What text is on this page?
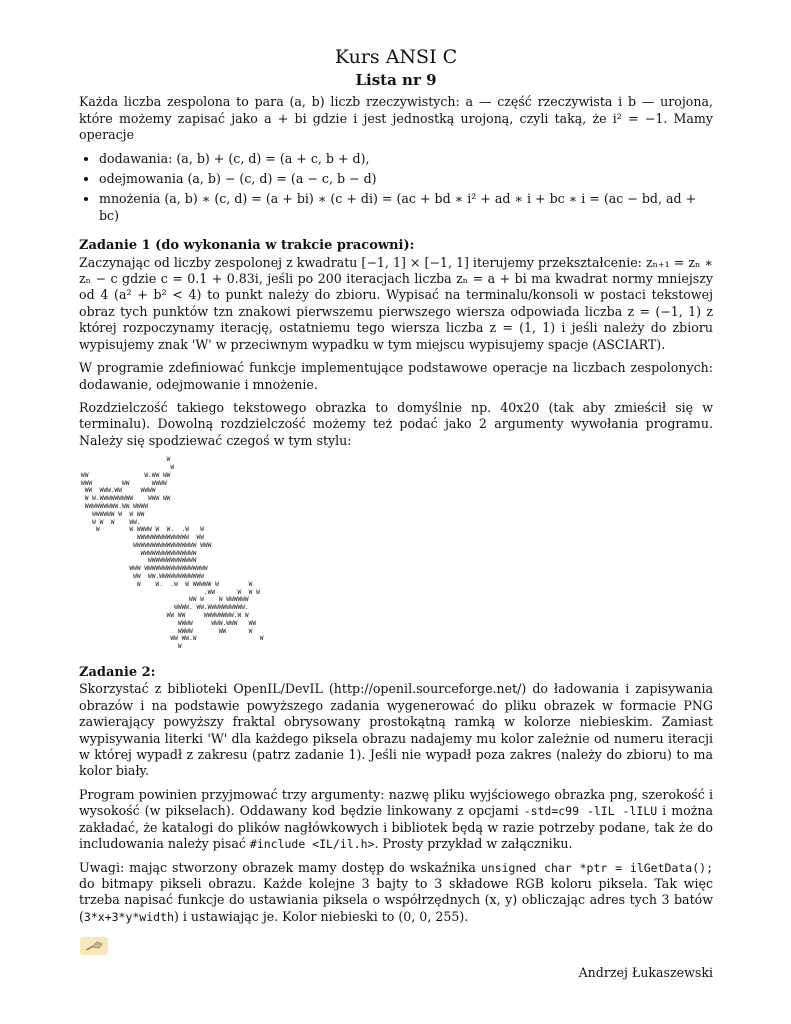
Kurs ANSI C
Lista nr 9

Każda liczba zespolona to para (a, b) liczb rzeczywistych: a — część rzeczywista i b — urojona, które możemy zapisać jako a + bi gdzie i jest jednostką urojoną, czyli taką, że i² = −1. Mamy operacje

• dodawania: (a, b) + (c, d) = (a + c, b + d),
• odejmowania (a, b) − (c, d) = (a − c, b − d)
• mnożenia (a, b) ∗ (c, d) = (a + bi) ∗ (c + di) = (ac + bd ∗ i² + ad ∗ i + bc ∗ i = (ac − bd, ad + bc)
Zadanie 1 (do wykonania w trakcie pracowni):

Zaczynając od liczby zespolonej z kwadratu [−1, 1] × [−1, 1] iterujemy przekształcenie: zₙ₊₁ = zₙ ∗ zₙ − c gdzie c = 0.1 + 0.83i, jeśli po 200 iteracjach liczba zₙ = a + bi ma kwadrat normy mniejszy od 4 (a² + b² < 4) to punkt należy do zbioru. Wypisać na terminalu/konsoli w postaci tekstowej obraz tych punktów tzn znakowi pierwszemu pierwszego wiersza odpowiada liczba z = (−1, 1) z której rozpoczynamy iterację, ostatniemu tego wiersza liczba z = (1, 1) i jeśli należy do zbioru wypisujemy znak 'W' w przeciwnym wypadku w tym miejscu wypisujemy spacje (ASCIART).

W programie zdefiniować funkcje implementujące podstawowe operacje na liczbach zespolonych: dodawanie, odejmowanie i mnożenie.

Rozdzielczość takiego tekstowego obrazka to domyślnie np. 40x20 (tak aby zmieścił się w terminalu). Dowolną rozdzielczość możemy też podać jako 2 argumenty wywołania programu. Należy się spodziewać czegoś w tym stylu:

W
W
WW               W.WW WW
WWW        WW      WWWW
WW  WWW.WW     WWWW
W W.WWWWWWWWW    WWW WW
WWWWWWWWW.WW WWWW
WWWWWW W  W WW
W W  W    WW.
W        W WWWW W  W.  .W   W
WWWWWWWWWWWWWW  WW
WWWWWWWWWWWWWWWWW WWW
WWWWWWWWWWWWWWW
WWWWWWWWWWWWW
WWW WWWWWWWWWWWWWWWWW
WW  WW.WWWWWWWWWWWW
W    W.  .W  W WWWWW W        W
.WW      W  W W
WW W    W WWWWWW
WWWW. WW.WWWWWWWWWW.
WW WW     WWWWWWWW.W W
WWWW     WWW.WWW   WW
WWWW       WW      W
WW WW.W                 W
W
Zadanie 2:

Skorzystać z biblioteki OpenIL/DevIL (http://openil.sourceforge.net/) do ładowania i zapisywania obrazów i na podstawie powyższego zadania wygenerować do pliku obrazek w formacie PNG zawierający powyższy fraktal obrysowany prostokątną ramką w kolorze niebieskim. Zamiast wypisywania literki 'W' dla każdego piksela obrazu nadajemy mu kolor zależnie od numeru iteracji w której wypadł z zakresu (patrz zadanie 1). Jeśli nie wypadł poza zakres (należy do zbioru) to ma kolor biały.

Program powinien przyjmować trzy argumenty: nazwę pliku wyjściowego obrazka png, szerokość i wysokość (w pikselach). Oddawany kod będzie linkowany z opcjami -std=c99 -lIL -lILU i można zakładać, że katalogi do plików nagłówkowych i bibliotek będą w razie potrzeby podane, tak że do includowania należy pisać #include <IL/il.h>. Prosty przykład w załączniku.

Uwagi: mając stworzony obrazek mamy dostęp do wskaźnika unsigned char *ptr = ilGetData(); do bitmapy pikseli obrazu. Każde kolejne 3 bajty to 3 składowe RGB koloru piksela. Tak więc trzeba napisać funkcje do ustawiania piksela o współrzędnych (x, y) obliczając adres tych 3 batów (3*x+3*y*width) i ustawiając je. Kolor niebieski to (0, 0, 255).

Andrzej Łukaszewski
